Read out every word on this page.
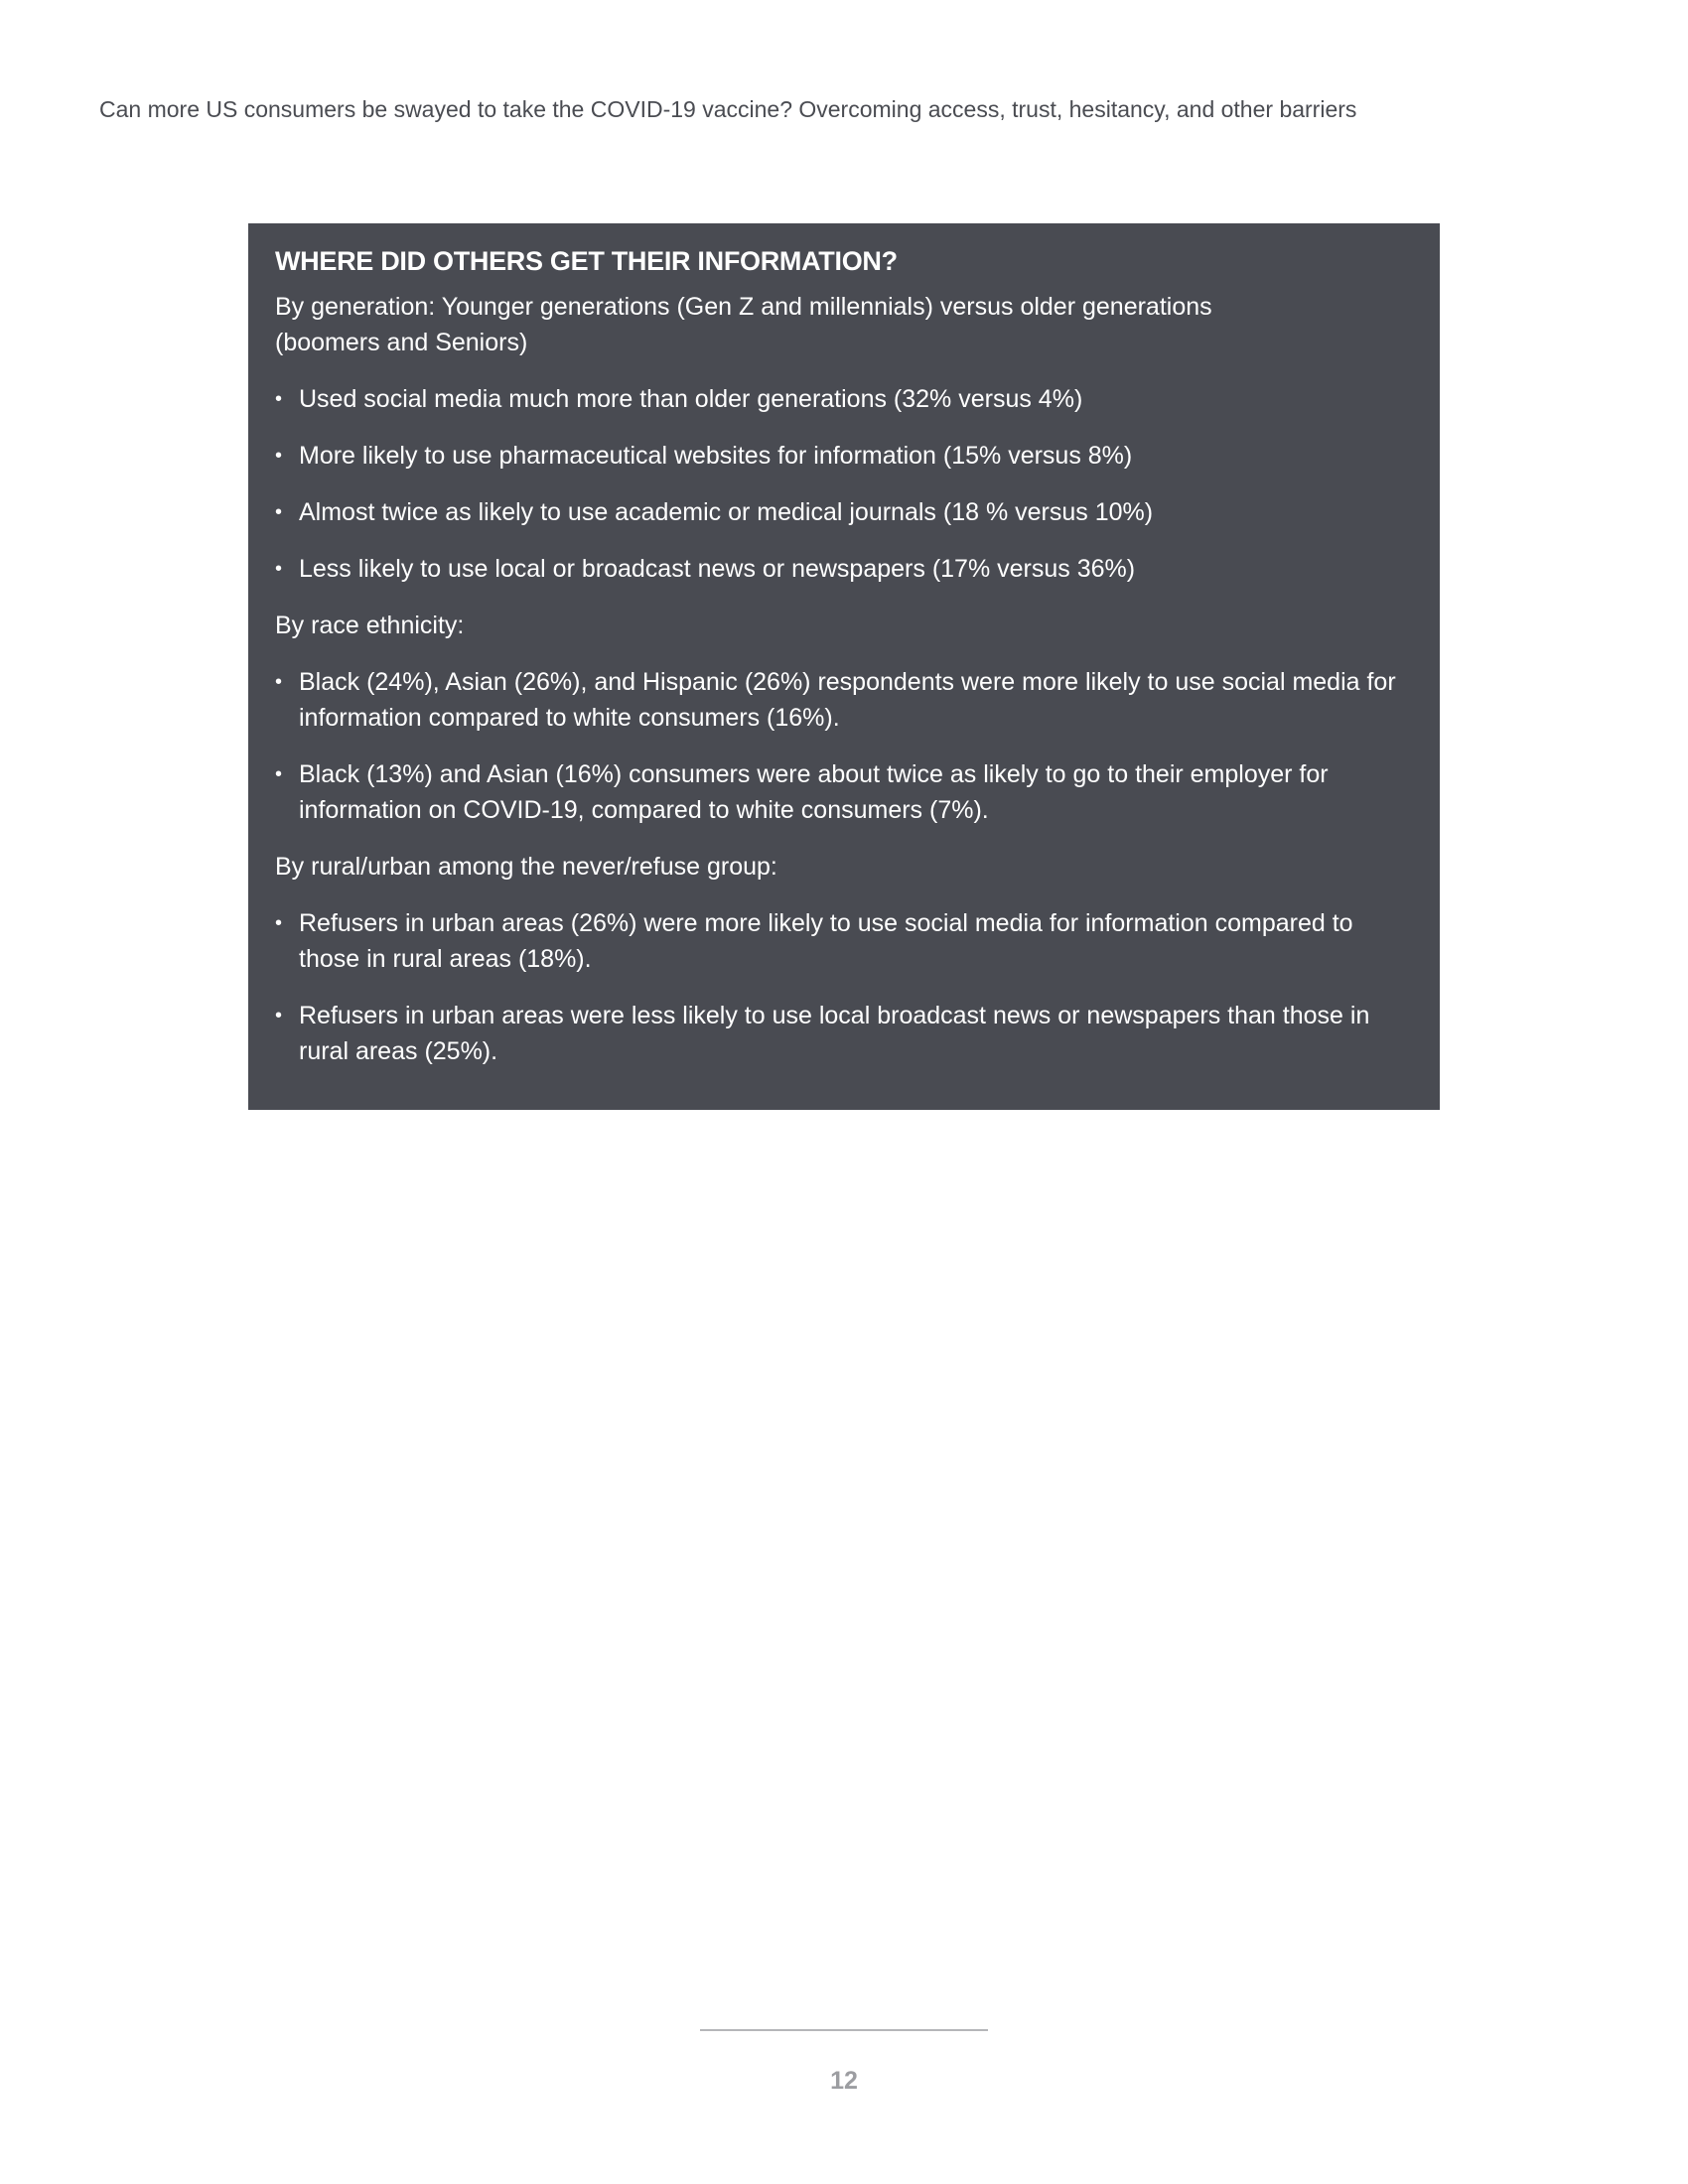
Can more US consumers be swayed to take the COVID-19 vaccine? Overcoming access, trust, hesitancy, and other barriers
WHERE DID OTHERS GET THEIR INFORMATION?

By generation: Younger generations (Gen Z and millennials) versus older generations (boomers and Seniors)

• Used social media much more than older generations (32% versus 4%)
• More likely to use pharmaceutical websites for information (15% versus 8%)
• Almost twice as likely to use academic or medical journals (18 % versus 10%)
• Less likely to use local or broadcast news or newspapers (17% versus 36%)

By race ethnicity:

• Black (24%), Asian (26%), and Hispanic (26%) respondents were more likely to use social media for information compared to white consumers (16%).
• Black (13%) and Asian (16%) consumers were about twice as likely to go to their employer for information on COVID-19, compared to white consumers (7%).

By rural/urban among the never/refuse group:

• Refusers in urban areas (26%) were more likely to use social media for information compared to those in rural areas (18%).
• Refusers in urban areas were less likely to use local broadcast news or newspapers than those in rural areas (25%).
12
